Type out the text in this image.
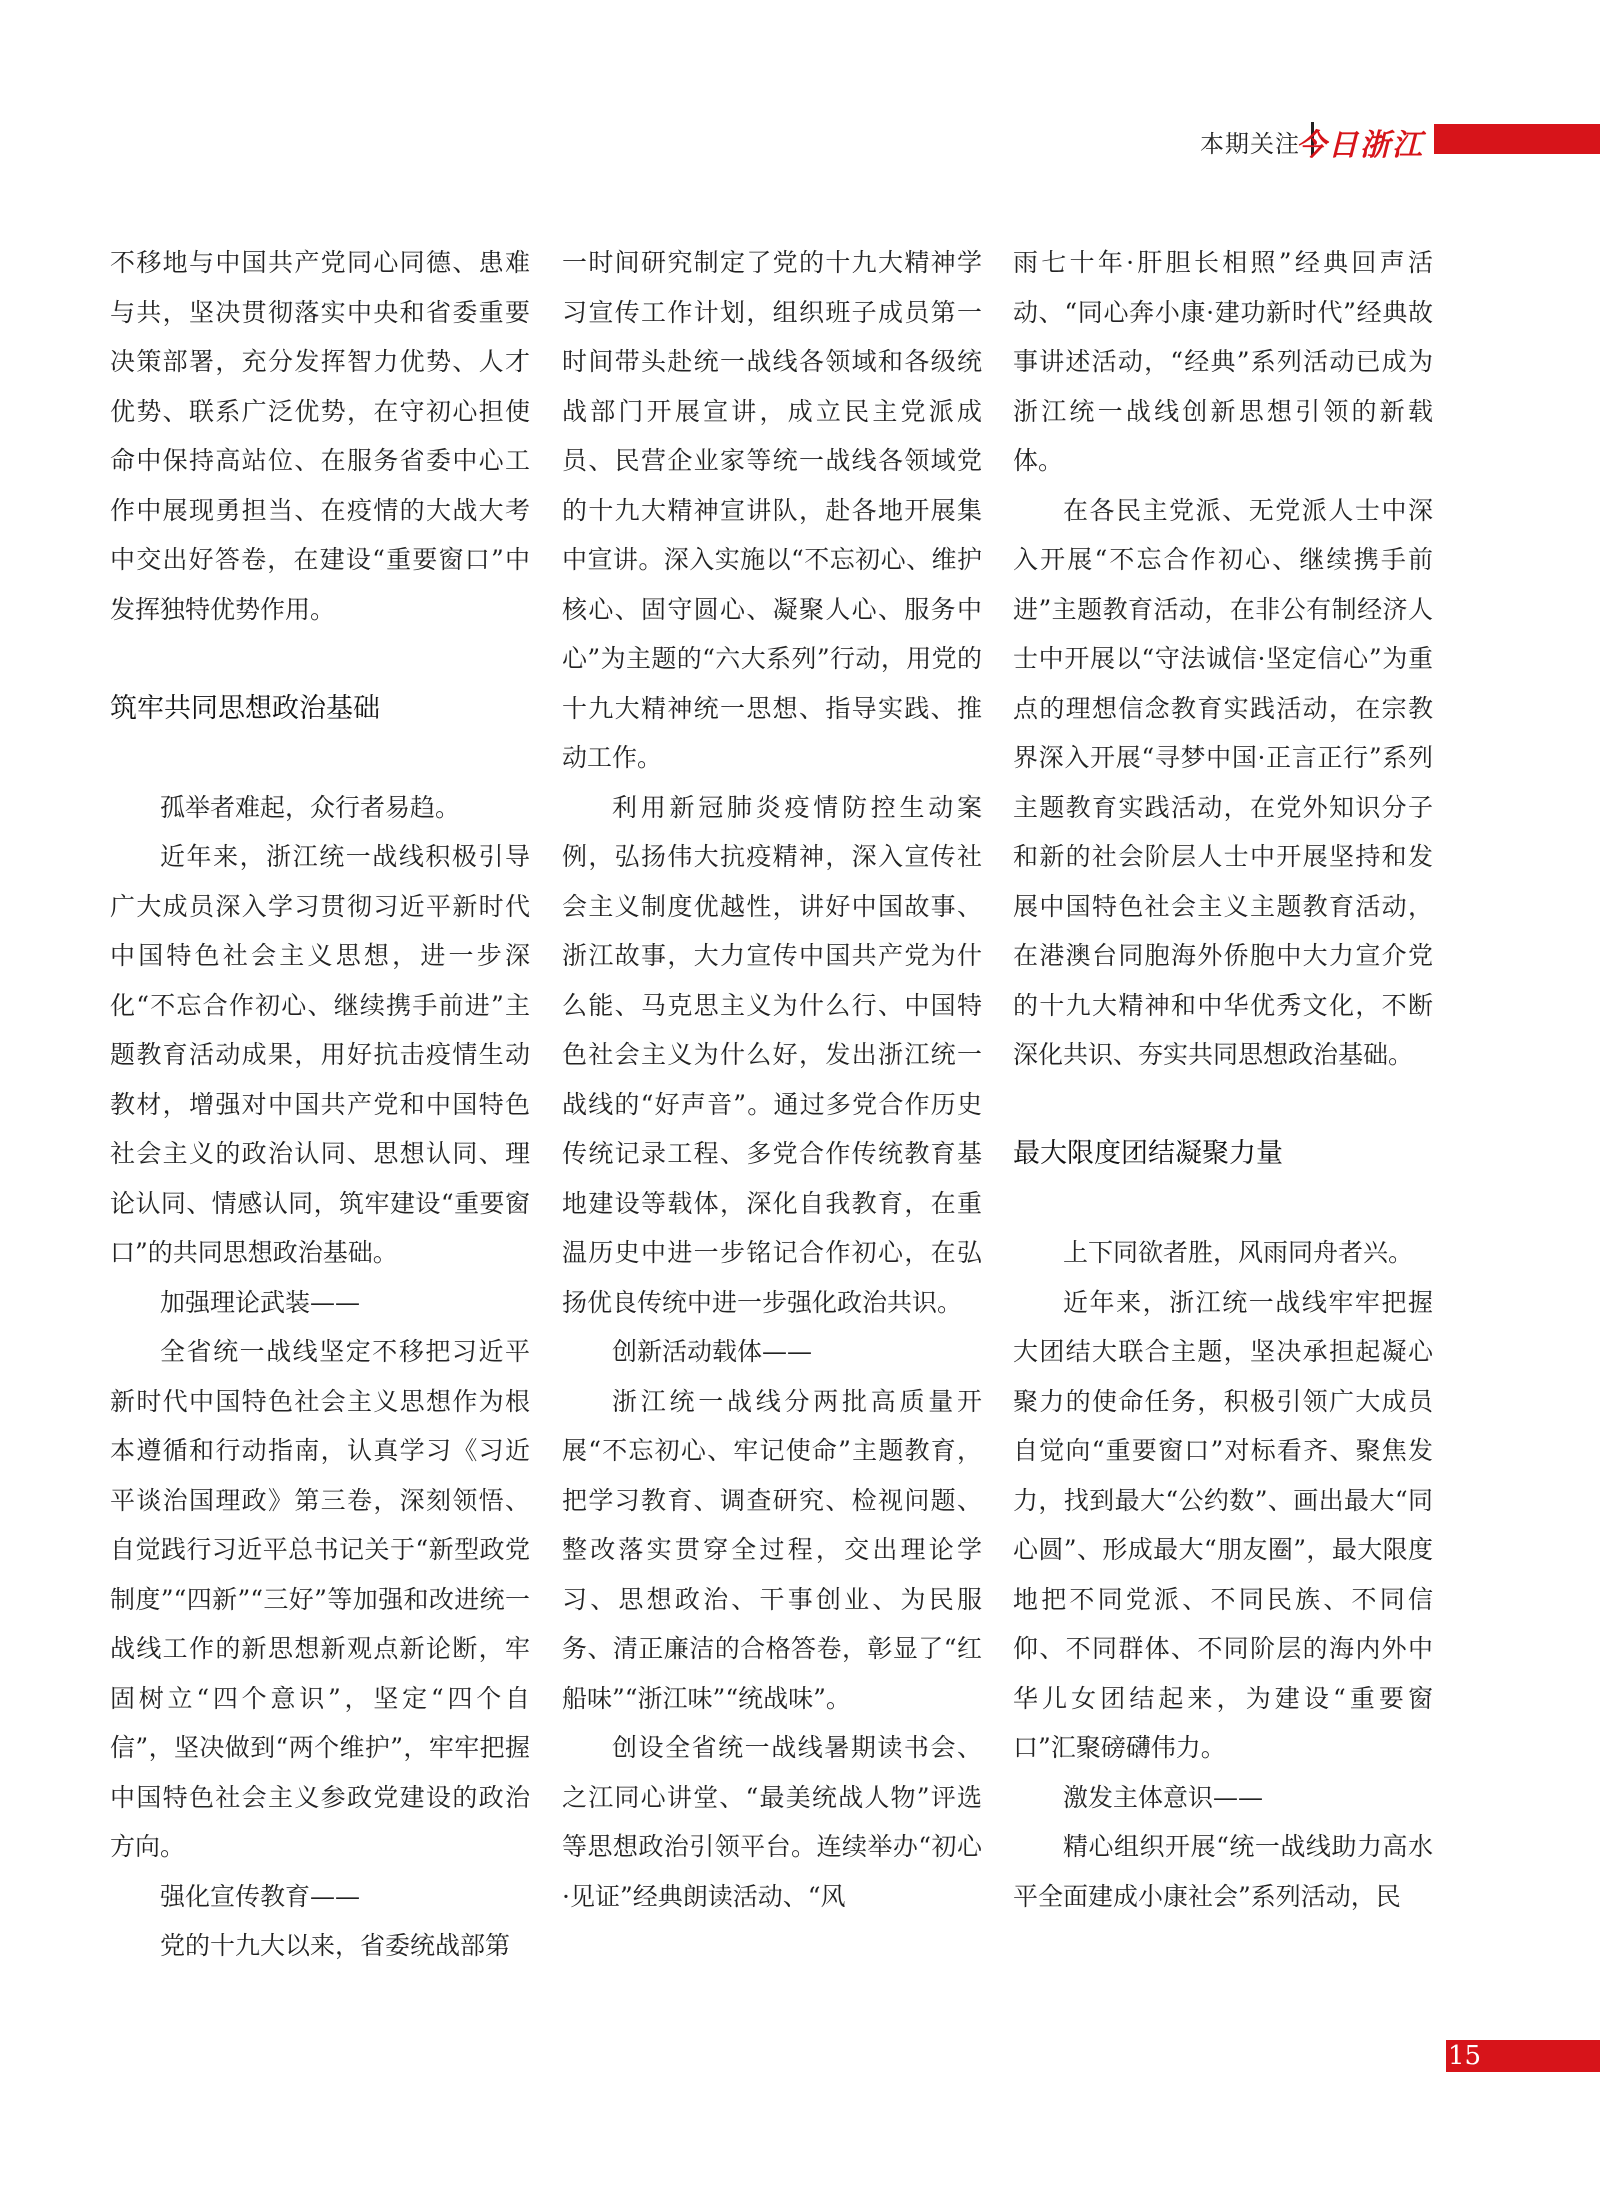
本期关注
今日浙江

不移地与中国共产党同心同德、患难与共，坚决贯彻落实中央和省委重要决策部署，充分发挥智力优势、人才优势、联系广泛优势，在守初心担使命中保持高站位、在服务省委中心工作中展现勇担当、在疫情的大战大考中交出好答卷，在建设“重要窗口”中发挥独特优势作用。

筑牢共同思想政治基础

孤举者难起，众行者易趋。

近年来，浙江统一战线积极引导广大成员深入学习贯彻习近平新时代中国特色社会主义思想，进一步深化“不忘合作初心、继续携手前进”主题教育活动成果，用好抗击疫情生动教材，增强对中国共产党和中国特色社会主义的政治认同、思想认同、理论认同、情感认同，筑牢建设“重要窗口”的共同思想政治基础。

加强理论武装——

全省统一战线坚定不移把习近平新时代中国特色社会主义思想作为根本遵循和行动指南，认真学习《习近平谈治国理政》第三卷，深刻领悟、自觉践行习近平总书记关于“新型政党制度”“四新”“三好”等加强和改进统一战线工作的新思想新观点新论断，牢固树立“四个意识”，坚定“四个自信”，坚决做到“两个维护”，牢牢把握中国特色社会主义参政党建设的政治方向。

强化宣传教育——

党的十九大以来，省委统战部第

一时间研究制定了党的十九大精神学习宣传工作计划，组织班子成员第一时间带头赴统一战线各领域和各级统战部门开展宣讲，成立民主党派成员、民营企业家等统一战线各领域党的十九大精神宣讲队，赴各地开展集中宣讲。深入实施以“不忘初心、维护核心、固守圆心、凝聚人心、服务中心”为主题的“六大系列”行动，用党的十九大精神统一思想、指导实践、推动工作。

利用新冠肺炎疫情防控生动案例，弘扬伟大抗疫精神，深入宣传社会主义制度优越性，讲好中国故事、浙江故事，大力宣传中国共产党为什么能、马克思主义为什么行、中国特色社会主义为什么好，发出浙江统一战线的“好声音”。通过多党合作历史传统记录工程、多党合作传统教育基地建设等载体，深化自我教育，在重温历史中进一步铭记合作初心，在弘扬优良传统中进一步强化政治共识。

创新活动载体——

浙江统一战线分两批高质量开展“不忘初心、牢记使命”主题教育，把学习教育、调查研究、检视问题、整改落实贯穿全过程，交出理论学习、思想政治、干事创业、为民服务、清正廉洁的合格答卷，彰显了“红船味”“浙江味”“统战味”。

创设全省统一战线暑期读书会、之江同心讲堂、“最美统战人物”评选等思想政治引领平台。连续举办“初心·见证”经典朗读活动、“风

雨七十年·肝胆长相照”经典回声活动、“同心奔小康·建功新时代”经典故事讲述活动，“经典”系列活动已成为浙江统一战线创新思想引领的新载体。

在各民主党派、无党派人士中深入开展“不忘合作初心、继续携手前进”主题教育活动，在非公有制经济人士中开展以“守法诚信·坚定信心”为重点的理想信念教育实践活动，在宗教界深入开展“寻梦中国·正言正行”系列主题教育实践活动，在党外知识分子和新的社会阶层人士中开展坚持和发展中国特色社会主义主题教育活动，在港澳台同胞海外侨胞中大力宣介党的十九大精神和中华优秀文化，不断深化共识、夯实共同思想政治基础。

最大限度团结凝聚力量

上下同欲者胜，风雨同舟者兴。

近年来，浙江统一战线牢牢把握大团结大联合主题，坚决承担起凝心聚力的使命任务，积极引领广大成员自觉向“重要窗口”对标看齐、聚焦发力，找到最大“公约数”、画出最大“同心圆”、形成最大“朋友圈”，最大限度地把不同党派、不同民族、不同信仰、不同群体、不同阶层的海内外中华儿女团结起来，为建设“重要窗口”汇聚磅礴伟力。

激发主体意识——

精心组织开展“统一战线助力高水平全面建成小康社会”系列活动，民

15
